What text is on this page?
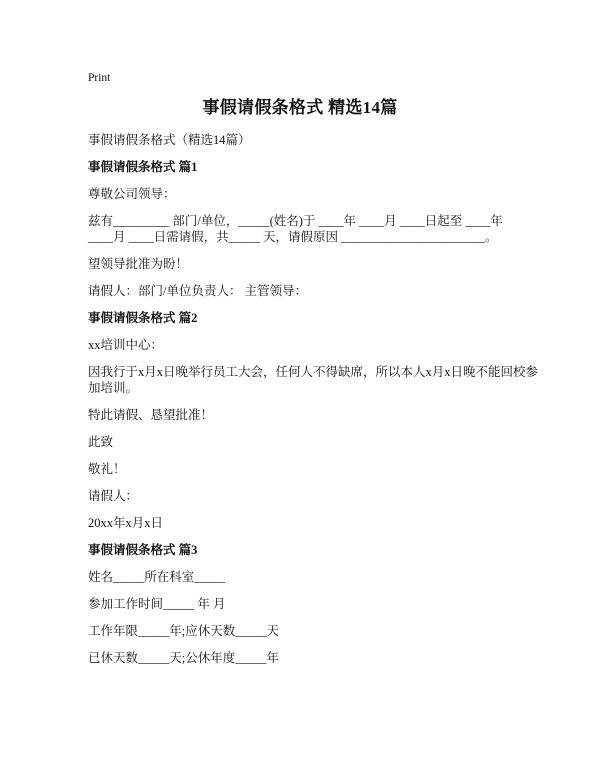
Print
事假请假条格式 精选14篇
事假请假条格式（精选14篇）
事假请假条格式 篇1
尊敬公司领导：
兹有_________ 部门/单位，_____(姓名)于 ____年 ____月 ____日起至 ____年
____月 ____日需请假，共_____ 天，请假原因 _______________________。
望领导批准为盼！
请假人：部门/单位负责人： 主管领导：
事假请假条格式 篇2
xx培训中心：
因我行于x月x日晚举行员工大会，任何人不得缺席，所以本人x月x日晚不能回校参
加培训。
特此请假、恳望批准！
此致
敬礼！
请假人：
20xx年x月x日
事假请假条格式 篇3
姓名_____所在科室_____
参加工作时间_____ 年 月
工作年限_____年;应休天数_____天
已休天数_____天;公休年度_____年
